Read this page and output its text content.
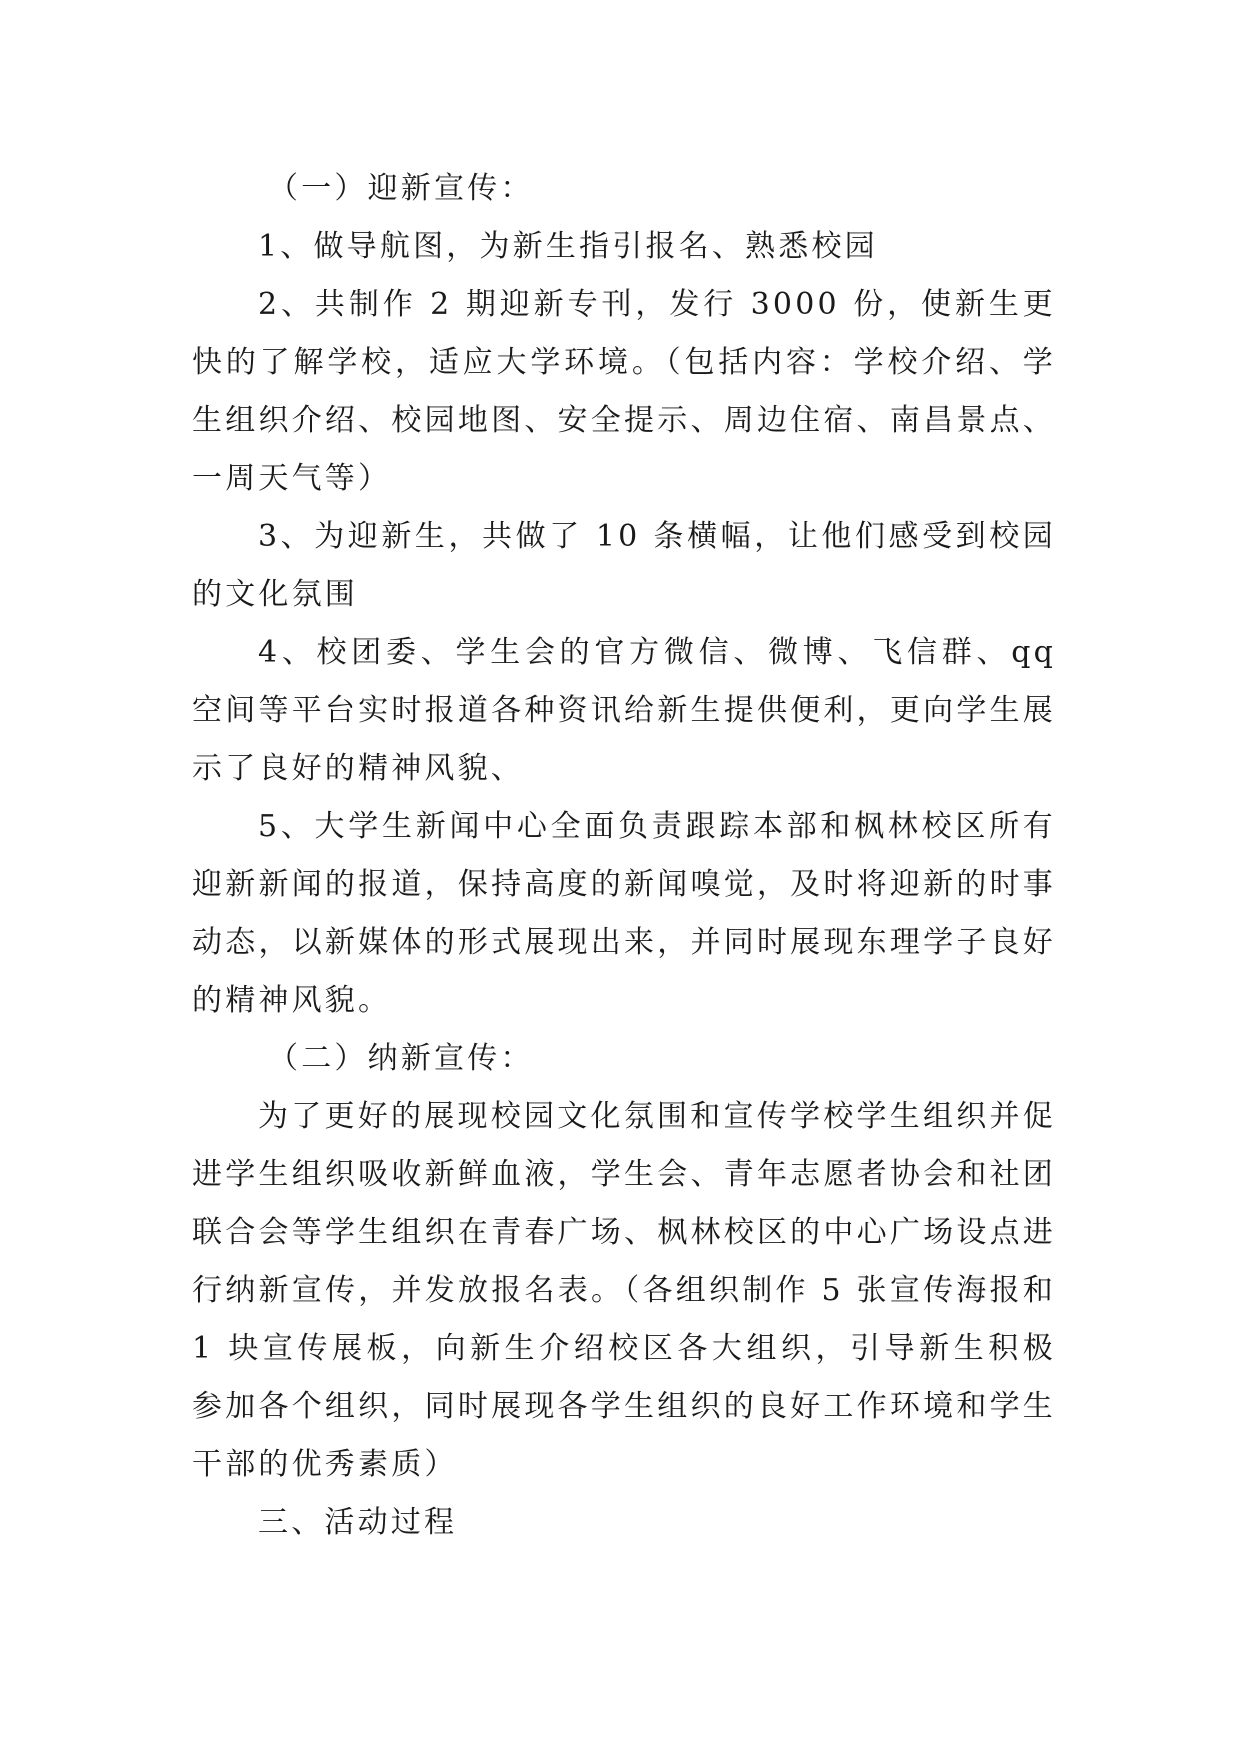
（一）迎新宣传：

1、做导航图，为新生指引报名、熟悉校园

2、共制作 2 期迎新专刊，发行 3000 份，使新生更快的了解学校，适应大学环境。（包括内容：学校介绍、学生组织介绍、校园地图、安全提示、周边住宿、南昌景点、一周天气等）

3、为迎新生，共做了 10 条横幅，让他们感受到校园的文化氛围

4、校团委、学生会的官方微信、微博、飞信群、qq 空间等平台实时报道各种资讯给新生提供便利，更向学生展示了良好的精神风貌、

5、大学生新闻中心全面负责跟踪本部和枫林校区所有迎新新闻的报道，保持高度的新闻嗅觉，及时将迎新的时事动态，以新媒体的形式展现出来，并同时展现东理学子良好的精神风貌。

（二）纳新宣传：

为了更好的展现校园文化氛围和宣传学校学生组织并促进学生组织吸收新鲜血液，学生会、青年志愿者协会和社团联合会等学生组织在青春广场、枫林校区的中心广场设点进行纳新宣传，并发放报名表。（各组织制作 5 张宣传海报和 1 块宣传展板，向新生介绍校区各大组织，引导新生积极参加各个组织，同时展现各学生组织的良好工作环境和学生干部的优秀素质）

三、活动过程
